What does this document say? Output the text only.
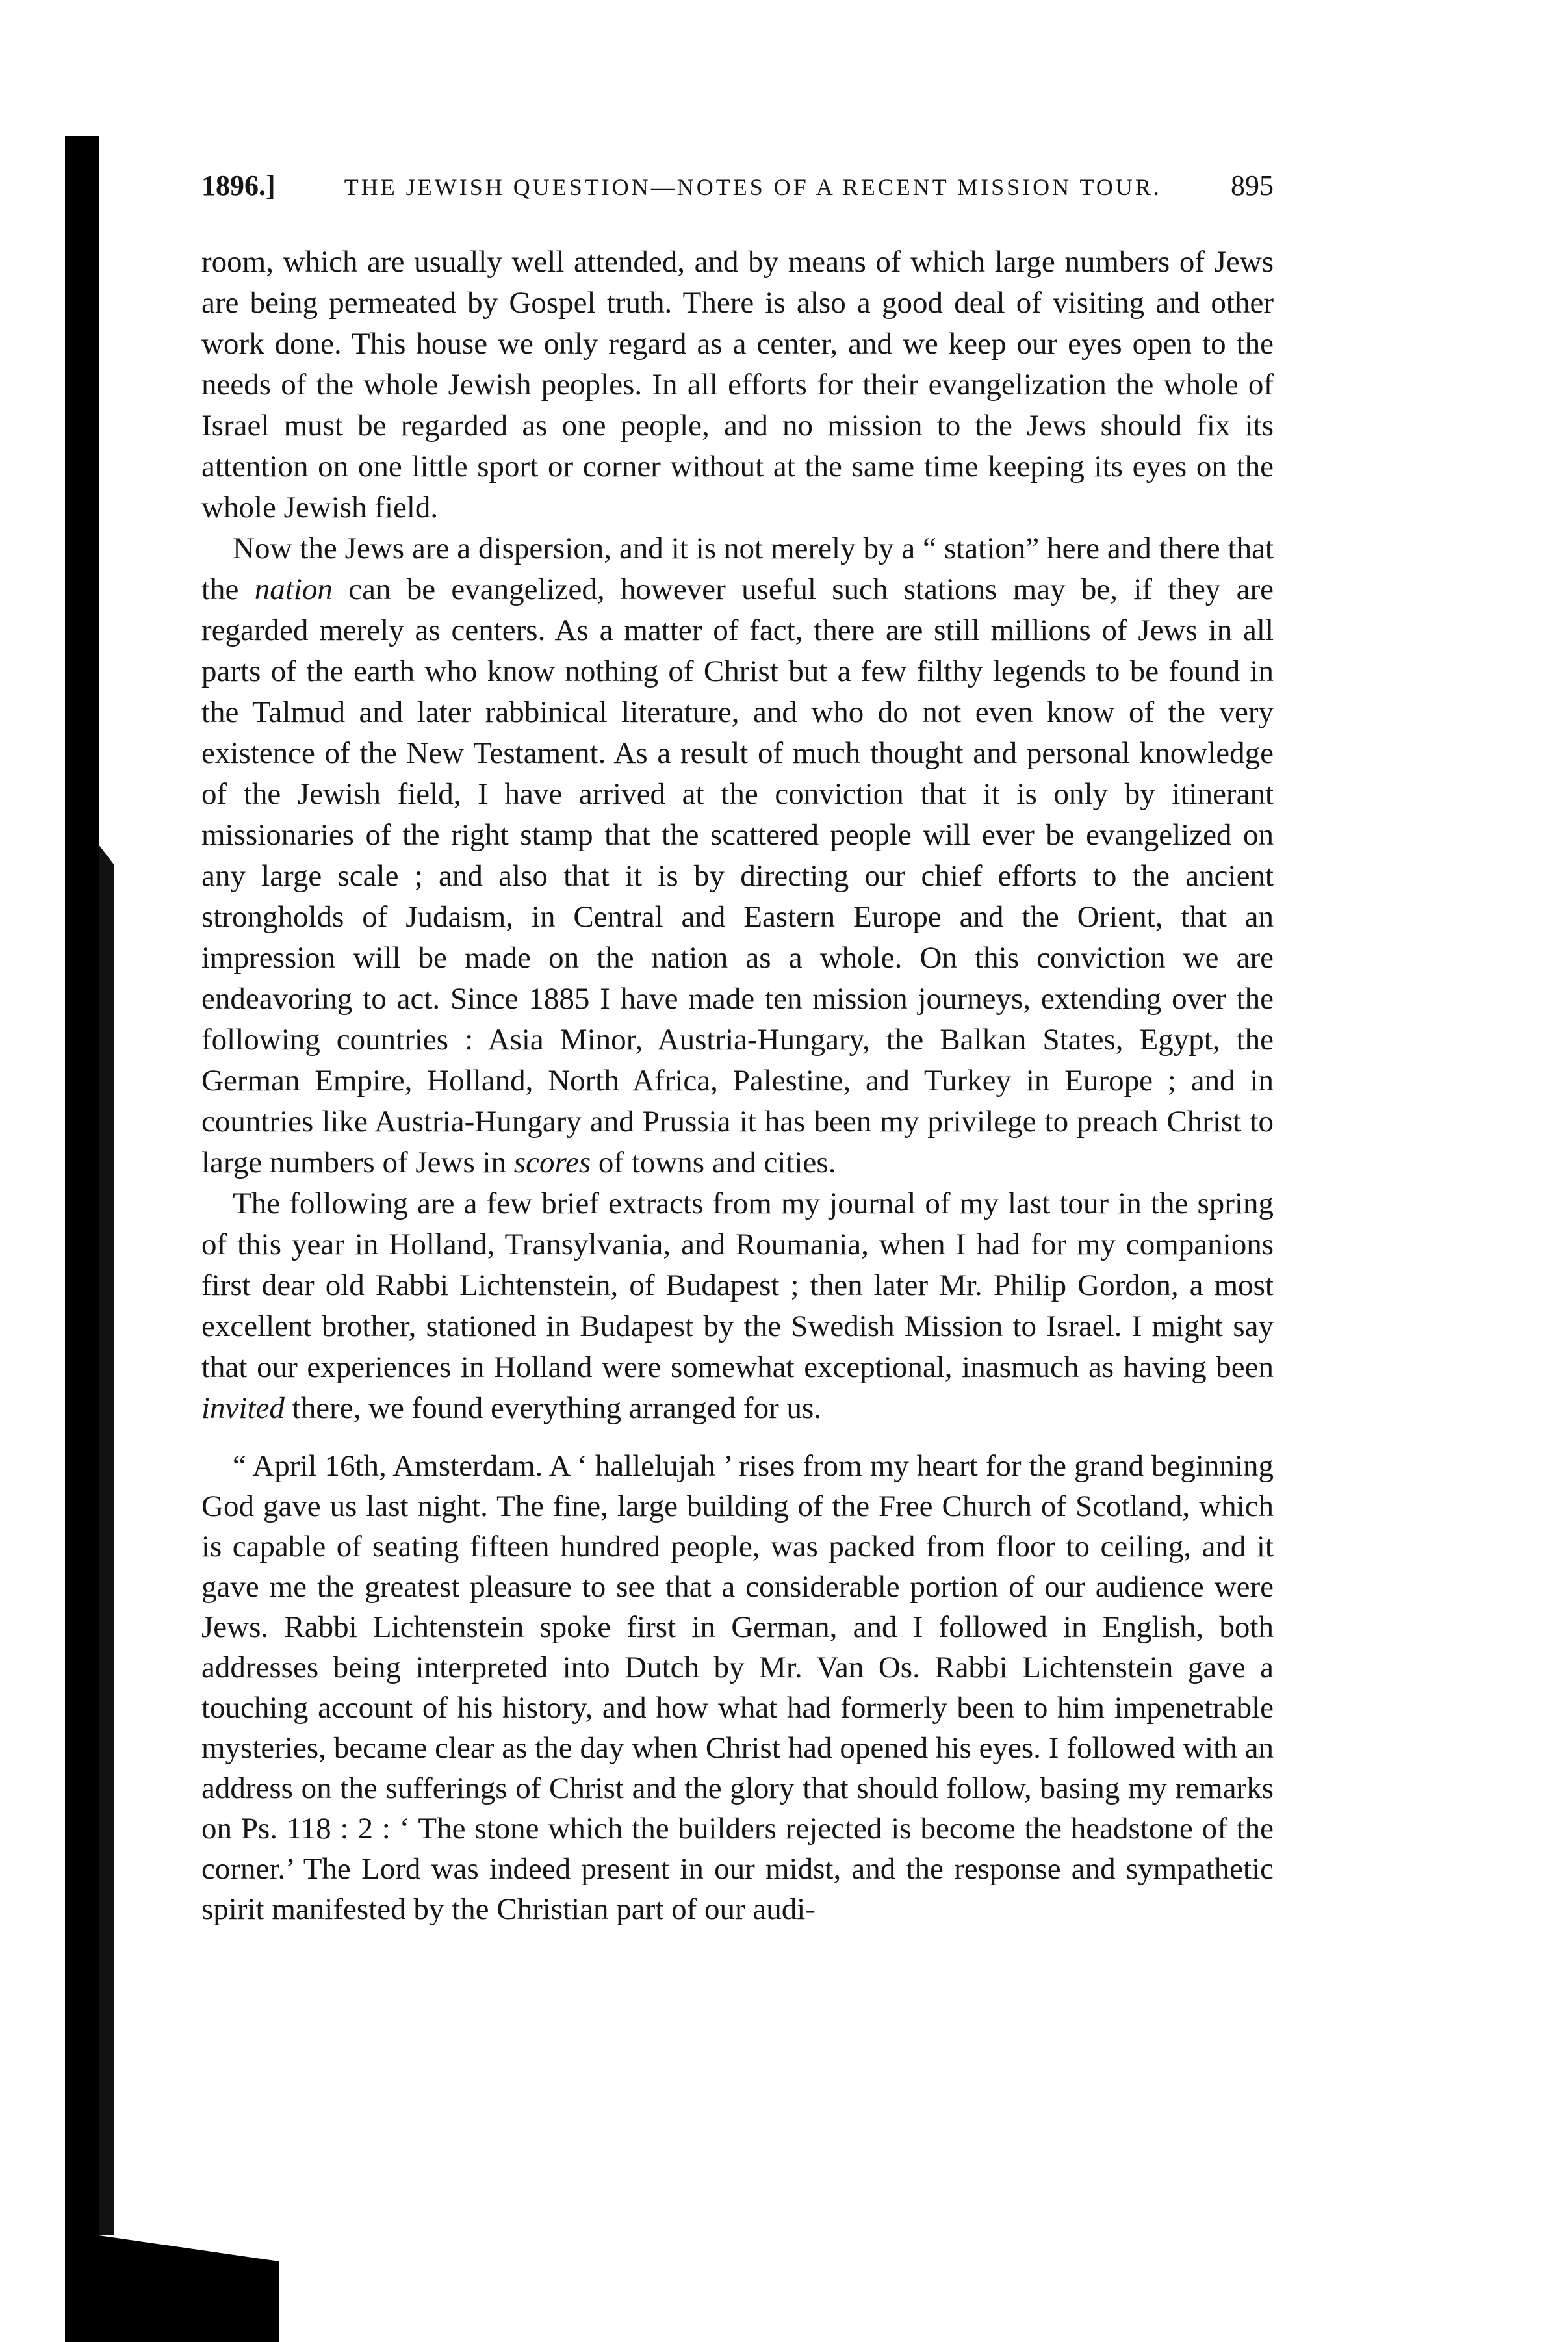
1896.]	THE JEWISH QUESTION—NOTES OF A RECENT MISSION TOUR. 895

room, which are usually well attended, and by means of which large numbers of Jews are being permeated by Gospel truth. There is also a good deal of visiting and other work done. This house we only regard as a center, and we keep our eyes open to the needs of the whole Jewish peoples. In all efforts for their evangelization the whole of Israel must be regarded as one people, and no mission to the Jews should fix its attention on one little sport or corner without at the same time keeping its eyes on the whole Jewish field.

Now the Jews are a dispersion, and it is not merely by a “ station” here and there that the nation can be evangelized, however useful such stations may be, if they are regarded merely as centers. As a matter of fact, there are still millions of Jews in all parts of the earth who know nothing of Christ but a few filthy legends to be found in the Talmud and later rabbinical literature, and who do not even know of the very existence of the New Testament. As a result of much thought and personal knowledge of the Jewish field, I have arrived at the conviction that it is only by itinerant missionaries of the right stamp that the scattered people will ever be evangelized on any large scale ; and also that it is by directing our chief efforts to the ancient strongholds of Judaism, in Central and Eastern Europe and the Orient, that an impression will be made on the nation as a whole. On this conviction we are endeavoring to act. Since 1885 I have made ten mission journeys, extending over the following countries : Asia Minor, Austria-Hungary, the Balkan States, Egypt, the German Empire, Holland, North Africa, Palestine, and Turkey in Europe ; and in countries like Austria-Hungary and Prussia it has been my privilege to preach Christ to large numbers of Jews in scores of towns and cities.

The following are a few brief extracts from my journal of my last tour in the spring of this year in Holland, Transylvania, and Roumania, when I had for my companions first dear old Rabbi Lichtenstein, of Budapest ; then later Mr. Philip Gordon, a most excellent brother, stationed in Budapest by the Swedish Mission to Israel. I might say that our experiences in Holland were somewhat exceptional, inasmuch as having been invited there, we found everything arranged for us.

“ April 16th, Amsterdam. A ‘ hallelujah ’ rises from my heart for the grand beginning God gave us last night. The fine, large building of the Free Church of Scotland, which is capable of seating fifteen hundred people, was packed from floor to ceiling, and it gave me the greatest pleasure to see that a considerable portion of our audience were Jews. Rabbi Lichtenstein spoke first in German, and I followed in English, both addresses being interpreted into Dutch by Mr. Van Os. Rabbi Lichtenstein gave a touching account of his history, and how what had formerly been to him impenetrable mysteries, became clear as the day when Christ had opened his eyes. I followed with an address on the sufferings of Christ and the glory that should follow, basing my remarks on Ps. 118 : 2 : ‘ The stone which the builders rejected is become the headstone of the corner.’ The Lord was indeed present in our midst, and the response and sympathetic spirit manifested by the Christian part of our audi-
